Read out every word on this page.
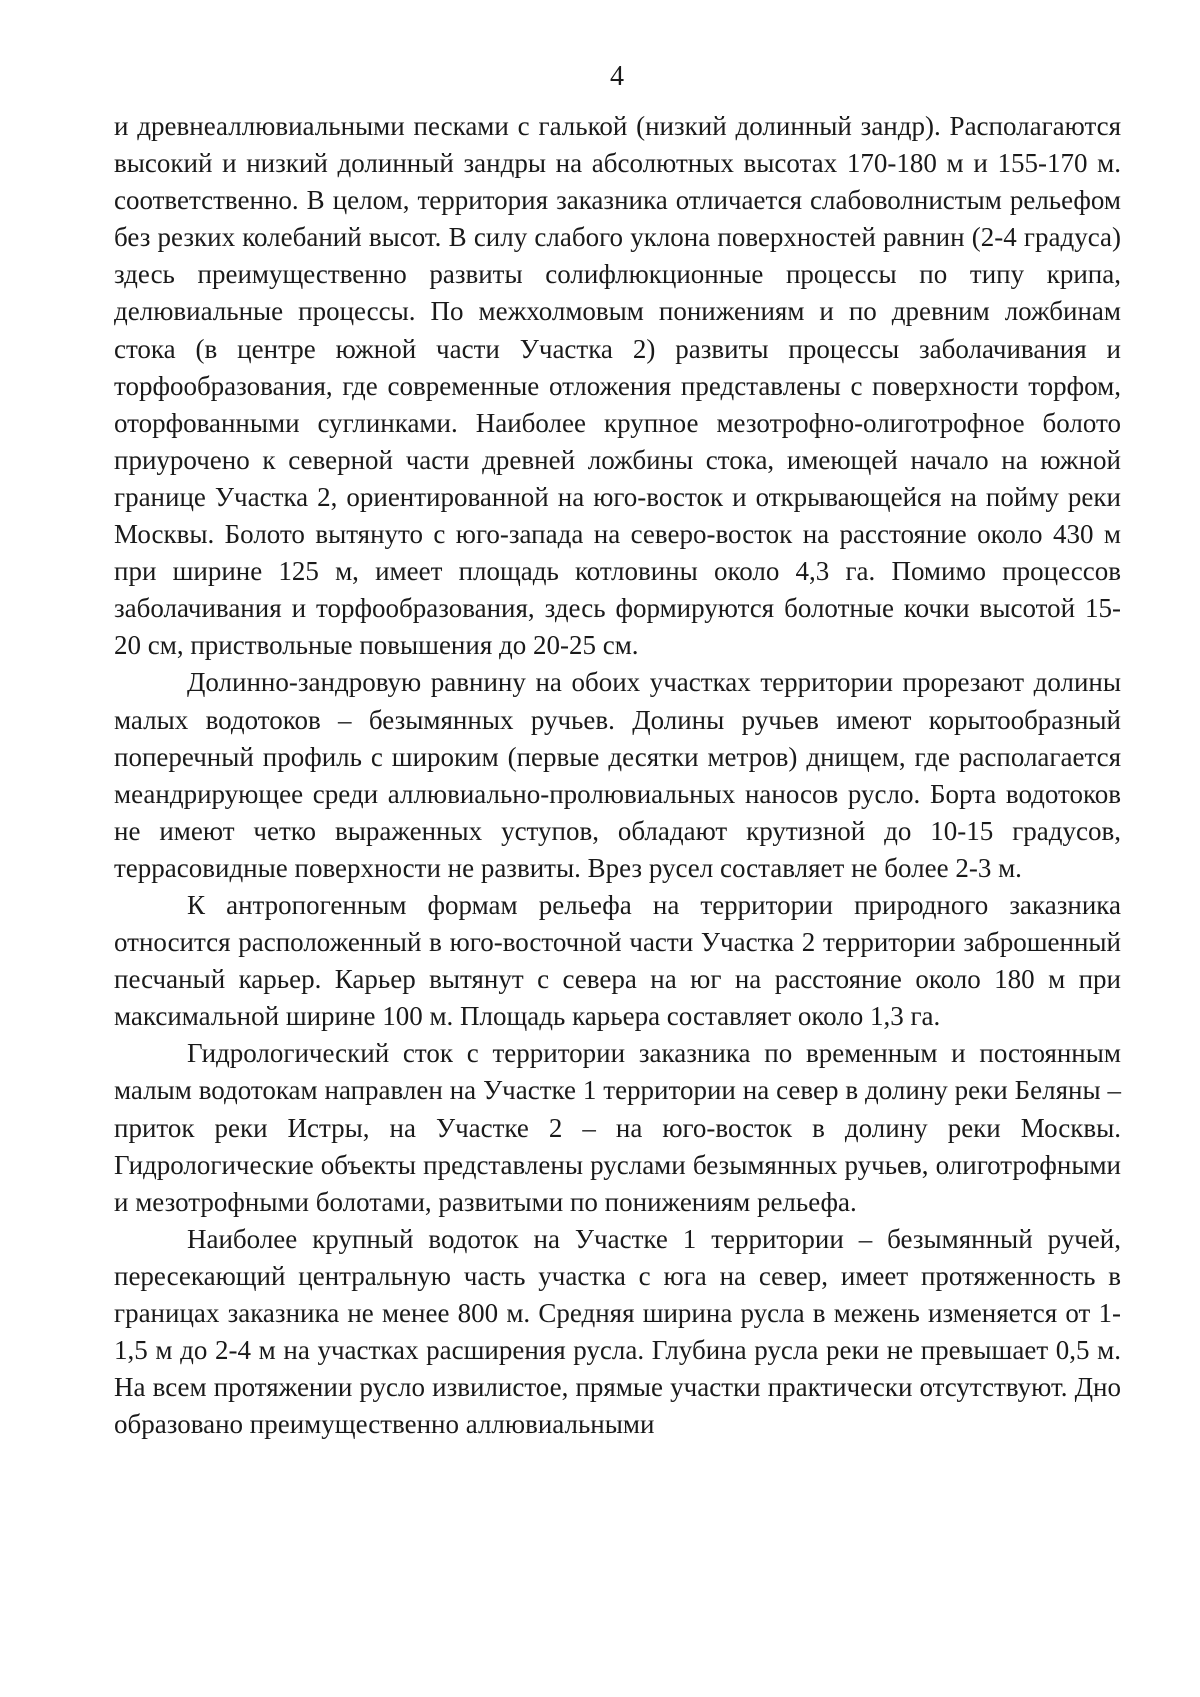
4

и древнеаллювиальными песками с галькой (низкий долинный зандр). Располагаются высокий и низкий долинный зандры на абсолютных высотах 170-180 м и 155-170 м. соответственно. В целом, территория заказника отличается слабоволнистым рельефом без резких колебаний высот. В силу слабого уклона поверхностей равнин (2-4 градуса) здесь преимущественно развиты солифлюкционные процессы по типу крипа, делювиальные процессы. По межхолмовым понижениям и по древним ложбинам стока (в центре южной части Участка 2) развиты процессы заболачивания и торфообразования, где современные отложения представлены с поверхности торфом, оторфованными суглинками. Наиболее крупное мезотрофно-олиготрофное болото приурочено к северной части древней ложбины стока, имеющей начало на южной границе Участка 2, ориентированной на юго-восток и открывающейся на пойму реки Москвы. Болото вытянуто с юго-запада на северо-восток на расстояние около 430 м при ширине 125 м, имеет площадь котловины около 4,3 га. Помимо процессов заболачивания и торфообразования, здесь формируются болотные кочки высотой 15-20 см, приствольные повышения до 20-25 см.

Долинно-зандровую равнину на обоих участках территории прорезают долины малых водотоков – безымянных ручьев. Долины ручьев имеют корытообразный поперечный профиль с широким (первые десятки метров) днищем, где располагается меандрирующее среди аллювиально-пролювиальных наносов русло. Борта водотоков не имеют четко выраженных уступов, обладают крутизной до 10-15 градусов, террасовидные поверхности не развиты. Врез русел составляет не более 2-3 м.

К антропогенным формам рельефа на территории природного заказника относится расположенный в юго-восточной части Участка 2 территории заброшенный песчаный карьер. Карьер вытянут с севера на юг на расстояние около 180 м при максимальной ширине 100 м. Площадь карьера составляет около 1,3 га.

Гидрологический сток с территории заказника по временным и постоянным малым водотокам направлен на Участке 1 территории на север в долину реки Беляны – приток реки Истры, на Участке 2 – на юго-восток в долину реки Москвы. Гидрологические объекты представлены руслами безымянных ручьев, олиготрофными и мезотрофными болотами, развитыми по понижениям рельефа.

Наиболее крупный водоток на Участке 1 территории – безымянный ручей, пересекающий центральную часть участка с юга на север, имеет протяженность в границах заказника не менее 800 м. Средняя ширина русла в межень изменяется от 1-1,5 м до 2-4 м на участках расширения русла. Глубина русла реки не превышает 0,5 м. На всем протяжении русло извилистое, прямые участки практически отсутствуют. Дно образовано преимущественно аллювиальными
